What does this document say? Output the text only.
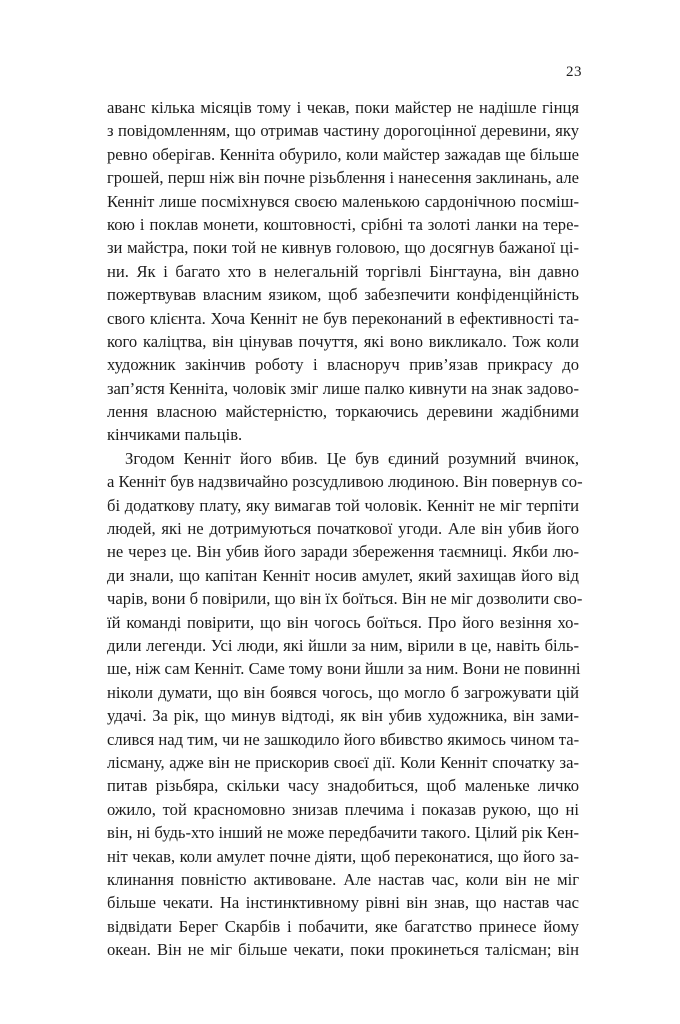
23
аванс кілька місяців тому і чекав, поки майстер не надішле гінця
з повідомленням, що отримав частину дорогоцінної деревини, яку
ревно оберігав. Кенніта обурило, коли майстер зажадав ще більше
грошей, перш ніж він почне різьблення і нанесення заклинань, але
Кенніт лише посміхнувся своєю маленькою сардонічною посміш-
кою і поклав монети, коштовності, срібні та золоті ланки на тере-
зи майстра, поки той не кивнув головою, що досягнув бажаної ці-
ни. Як і багато хто в нелегальній торгівлі Бінгтауна, він давно
пожертвував власним язиком, щоб забезпечити конфіденційність
свого клієнта. Хоча Кенніт не був переконаний в ефективності та-
кого каліцтва, він цінував почуття, які воно викликало. Тож коли
художник закінчив роботу і власноруч прив’язав прикрасу до
зап’ястя Кенніта, чоловік зміг лише палко кивнути на знак задово-
лення власною майстерністю, торкаючись деревини жадібними
кінчиками пальців.
Згодом Кенніт його вбив. Це був єдиний розумний вчинок,
а Кенніт був надзвичайно розсудливою людиною. Він повернув со-
бі додаткову плату, яку вимагав той чоловік. Кенніт не міг терпіти
людей, які не дотримуються початкової угоди. Але він убив його
не через це. Він убив його заради збереження таємниці. Якби лю-
ди знали, що капітан Кенніт носив амулет, який захищав його від
чарів, вони б повірили, що він їх боїться. Він не міг дозволити сво-
їй команді повірити, що він чогось боїться. Про його везіння хо-
дили легенди. Усі люди, які йшли за ним, вірили в це, навіть біль-
ше, ніж сам Кенніт. Саме тому вони йшли за ним. Вони не повинні
ніколи думати, що він боявся чогось, що могло б загрожувати цій
удачі. За рік, що минув відтоді, як він убив художника, він зами-
слився над тим, чи не зашкодило його вбивство якимось чином та-
лісману, адже він не прискорив своєї дії. Коли Кенніт спочатку за-
питав різьбяра, скільки часу знадобиться, щоб маленьке личко
ожило, той красномовно знизав плечима і показав рукою, що ні
він, ні будь-хто інший не може передбачити такого. Цілий рік Кен-
ніт чекав, коли амулет почне діяти, щоб переконатися, що його за-
клинання повністю активоване. Але настав час, коли він не міг
більше чекати. На інстинктивному рівні він знав, що настав час
відвідати Берег Скарбів і побачити, яке багатство принесе йому
океан. Він не міг більше чекати, поки прокинеться талісман; він
